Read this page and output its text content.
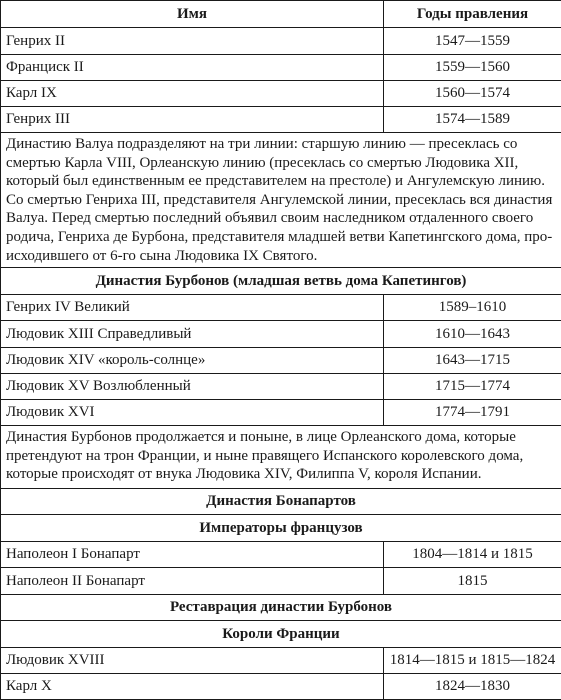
Имя	Годы правления
Генрих II	1547—1559
Франциск II	1559—1560
Карл IX	1560—1574
Генрих III	1574—1589
Династию Валуа подразделяют на три линии: старшую линию — пресеклась со смертью Карла VIII, Орлеанскую линию (пресеклась со смертью Людовика XII, который был единственным ее представителем на престоле) и Ангулемскую линию. Со смертью Генриха III, представителя Ангулемской линии, пресеклась вся династия Валуа. Перед смертью последний объявил своим наследником отдаленного своего родича, Генриха де Бурбона, представителя младшей ветви Капетингского дома, про-исходившего от 6-го сына Людовика IX Святого.	
Династия Бурбонов (младшая ветвь дома Капетингов)	
Генрих IV Великий	1589–1610
Людовик XIII Справедливый	1610—1643
Людовик XIV «король-солнце»	1643—1715
Людовик XV Возлюбленный	1715—1774
Людовик XVI	1774—1791
Династия Бурбонов продолжается и поныне, в лице Орлеанского дома, которые претендуют на трон Франции, и ныне правящего Испанского королевского дома, которые происходят от внука Людовика XIV, Филиппа V, короля Испании.	
Династия Бонапартов	
Императоры французов	
Наполеон I Бонапарт	1804—1814 и 1815
Наполеон II Бонапарт	1815
Реставрация династии Бурбонов	
Короли Франции	
Людовик XVIII	1814—1815 и 1815—1824
Карл X	1824—1830
